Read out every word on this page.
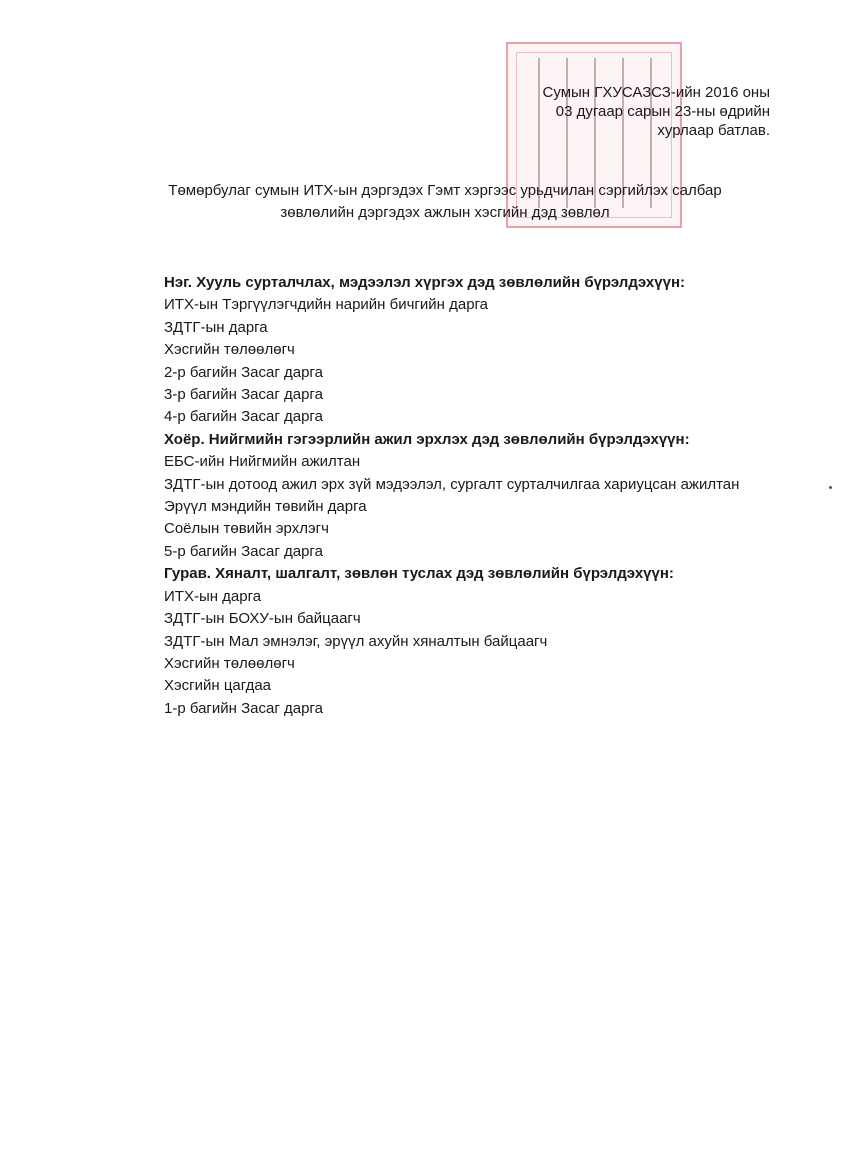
Сумын ГХУСАЗСЗ-ийн 2016 оны
03 дугаар сарын 23-ны өдрийн
хурлаар батлав.
Төмөрбулаг сумын ИТХ-ын дэргэдэх Гэмт хэргээс урьдчилан сэргийлэх салбар
зөвлөлийн дэргэдэх ажлын хэсгийн дэд зөвлөл
Нэг. Хууль сурталчлах, мэдээлэл хүргэх дэд зөвлөлийн бүрэлдэхүүн:
ИТХ-ын Тэргүүлэгчдийн нарийн бичгийн дарга
ЗДТГ-ын дарга
Хэсгийн төлөөлөгч
2-р багийн Засаг дарга
3-р багийн Засаг дарга
4-р багийн Засаг дарга
Хоёр. Нийгмийн гэгээрлийн ажил эрхлэх дэд зөвлөлийн бүрэлдэхүүн:
ЕБС-ийн Нийгмийн ажилтан
ЗДТГ-ын дотоод ажил эрх зүй мэдээлэл, сургалт сурталчилгаа хариуцсан ажилтан
Эрүүл мэндийн төвийн дарга
Соёлын төвийн эрхлэгч
5-р багийн Засаг дарга
Гурав. Хяналт, шалгалт, зөвлөн туслах дэд зөвлөлийн бүрэлдэхүүн:
ИТХ-ын дарга
ЗДТГ-ын БОХУ-ын байцаагч
ЗДТГ-ын Мал эмнэлэг, эрүүл ахуйн хяналтын байцаагч
Хэсгийн төлөөлөгч
Хэсгийн цагдаа
1-р багийн Засаг дарга
